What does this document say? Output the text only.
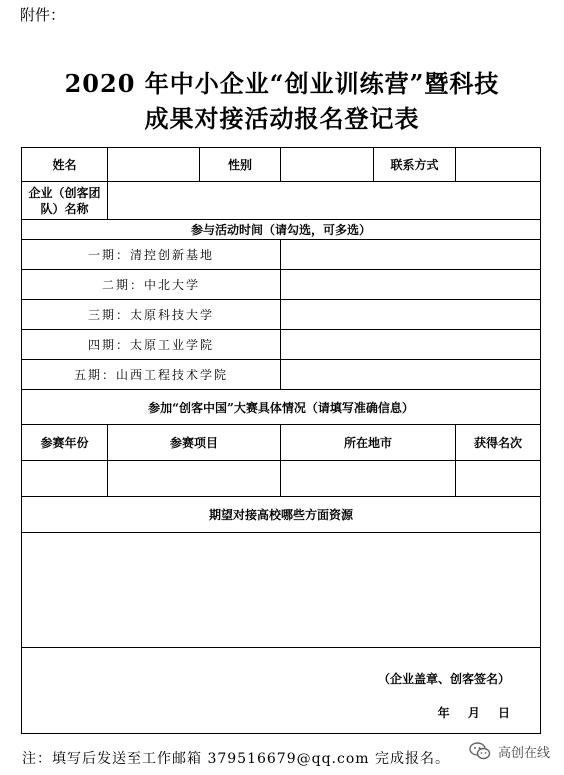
附件：
2020 年中小企业“创业训练营”暨科技
成果对接活动报名登记表
姓名		性别		联系方式	
企业（创客团队）名称					
参与活动时间（请勾选，可多选）					
一期：清控创新基地					
二期：中北大学					
三期：太原科技大学					
四期：太原工业学院					
五期：山西工程技术学院					
参加“创客中国”大赛具体情况（请填写准确信息）					
参赛年份	参赛项目		所在地市		获得名次

期望对接高校哪些方面资源					

（企业盖章、创客签名）
年 月 日					
注：填写后发送至工作邮箱 379516679@qq.com 完成报名。	高创在线
